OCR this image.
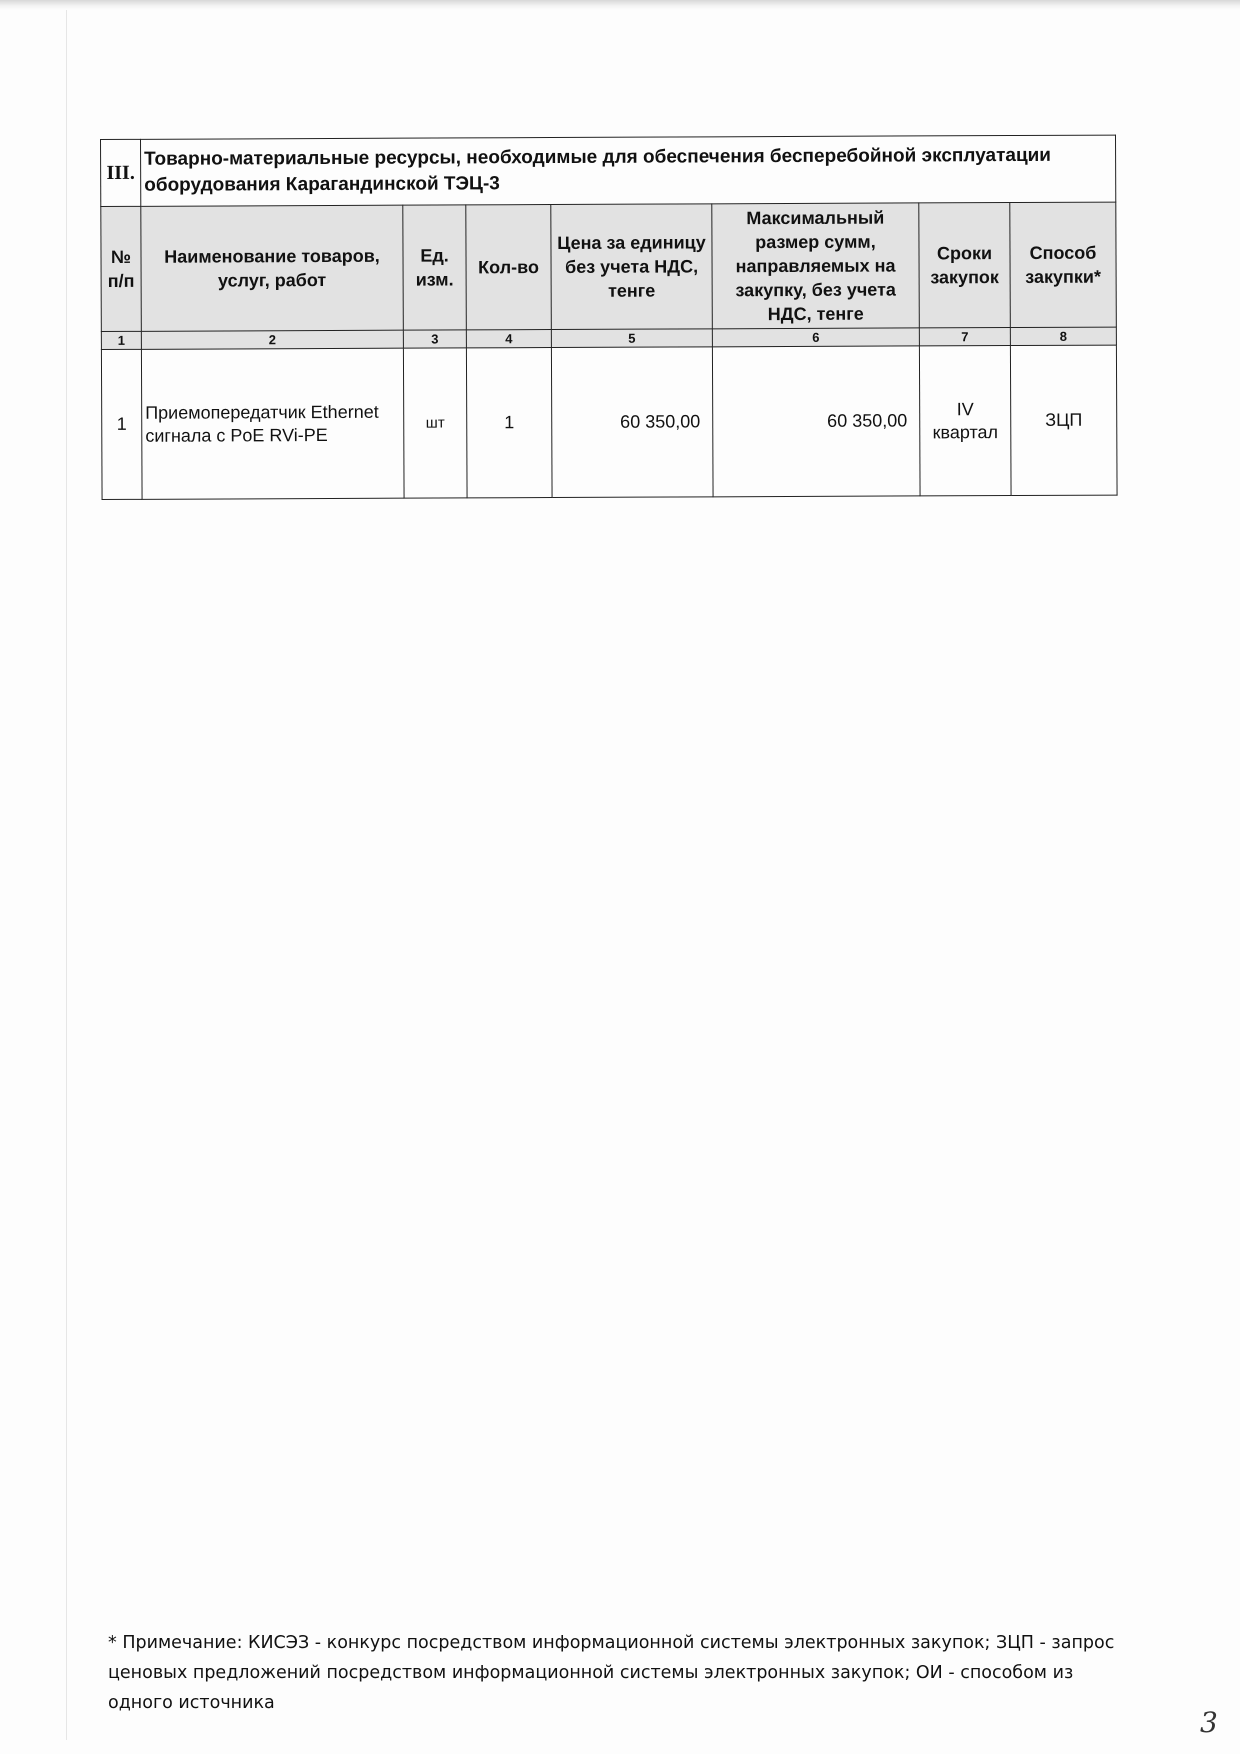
III.	Товарно-материальные ресурсы, необходимые для обеспечения бесперебойной эксплуатации оборудования Карагандинской ТЭЦ-3						
№ п/п	Наименование товаров, услуг, работ	Ед. изм.	Кол-во	Цена за единицу без учета НДС, тенге	Максимальный размер сумм, направляемых на закупку, без учета НДС, тенге	Сроки закупок	Способ закупки*
1	2	3	4	5	6	7	8
1	Приемопередатчик Ethernet сигнала с PoE RVi-PE	шт	1	60 350,00	60 350,00	IV квартал	ЗЦП

* Примечание: КИСЭЗ - конкурс посредством информационной системы электронных закупок; ЗЦП - запрос ценовых предложений посредством информационной системы электронных закупок; ОИ - способом из одного источника

3
